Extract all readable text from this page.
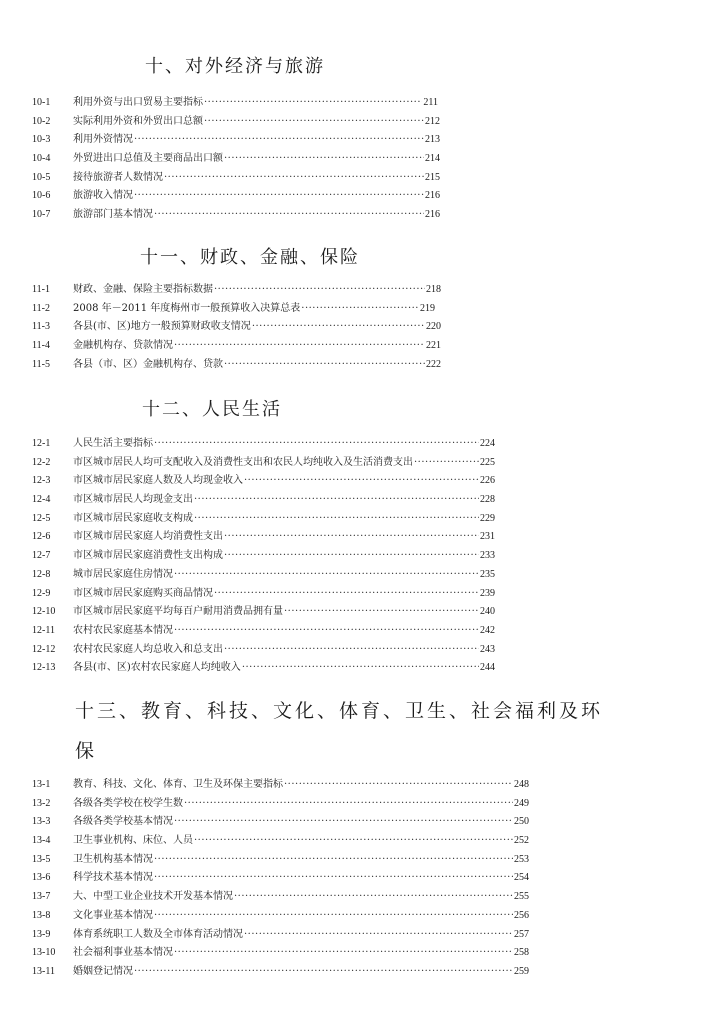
十、对外经济与旅游
10-1 利用外资与出口贸易主要指标 ·····	211
10-2 实际利用外资和外贸出口总额 ·····	212
10-3 利用外资情况 ·····	213
10-4 外贸进出口总值及主要商品出口额 ·····	214
10-5 接待旅游者人数情况 ·····	215
10-6 旅游收入情况 ·····	216
10-7 旅游部门基本情况 ·····	216
十一、财政、金融、保险
11-1 财政、金融、保险主要指标数据 ·····	218
11-2 2008 年－2011 年度梅州市一般预算收入决算总表 ·····	219
11-3 各县(市、区)地方一般预算财政收支情况 ·····	220
11-4 金融机构存、贷款情况 ·····	221
11-5 各县（市、区）金融机构存、贷款 ·····	222
十二、人民生活
12-1 人民生活主要指标 ·····	224
12-2 市区城市居民人均可支配收入及消费性支出和农民人均纯收入及生活消费支出 ·····	225
12-3 市区城市居民家庭人数及人均现金收入 ·····	226
12-4 市区城市居民人均现金支出 ·····	228
12-5 市区城市居民家庭收支构成 ·····	229
12-6 市区城市居民家庭人均消费性支出 ·····	231
12-7 市区城市居民家庭消费性支出构成 ·····	233
12-8 城市居民家庭住房情况 ·····	235
12-9 市区城市居民家庭购买商品情况 ·····	239
12-10 市区城市居民家庭平均每百户耐用消费品拥有量 ·····	240
12-11 农村农民家庭基本情况 ·····	242
12-12 农村农民家庭人均总收入和总支出 ·····	243
12-13 各县(市、区)农村农民家庭人均纯收入 ·····	244
十三、教育、科技、文化、体育、卫生、社会福利及环
保
13-1 教育、科技、文化、体育、卫生及环保主要指标 ·····	248
13-2 各级各类学校在校学生数 ·····	249
13-3 各级各类学校基本情况 ·····	250
13-4 卫生事业机构、床位、人员 ·····	252
13-5 卫生机构基本情况 ·····	253
13-6 科学技术基本情况 ·····	254
13-7 大、中型工业企业技术开发基本情况 ·····	255
13-8 文化事业基本情况 ·····	256
13-9 体育系统职工人数及全市体育活动情况 ·····	257
13-10 社会福利事业基本情况 ·····	258
13-11 婚姻登记情况 ·····	259
